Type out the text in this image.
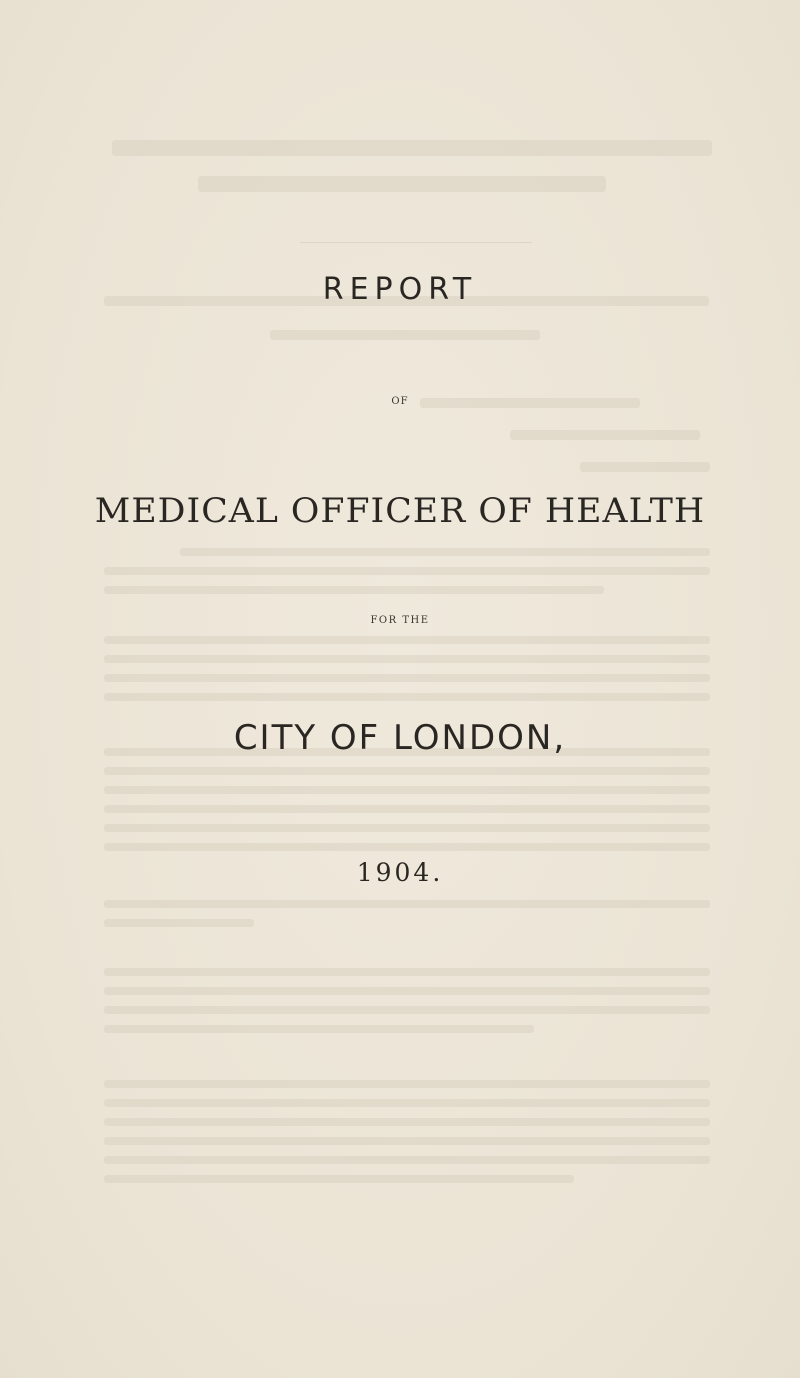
REPORT
OF
MEDICAL OFFICER OF HEALTH
FOR THE
CITY OF LONDON,
1904.
